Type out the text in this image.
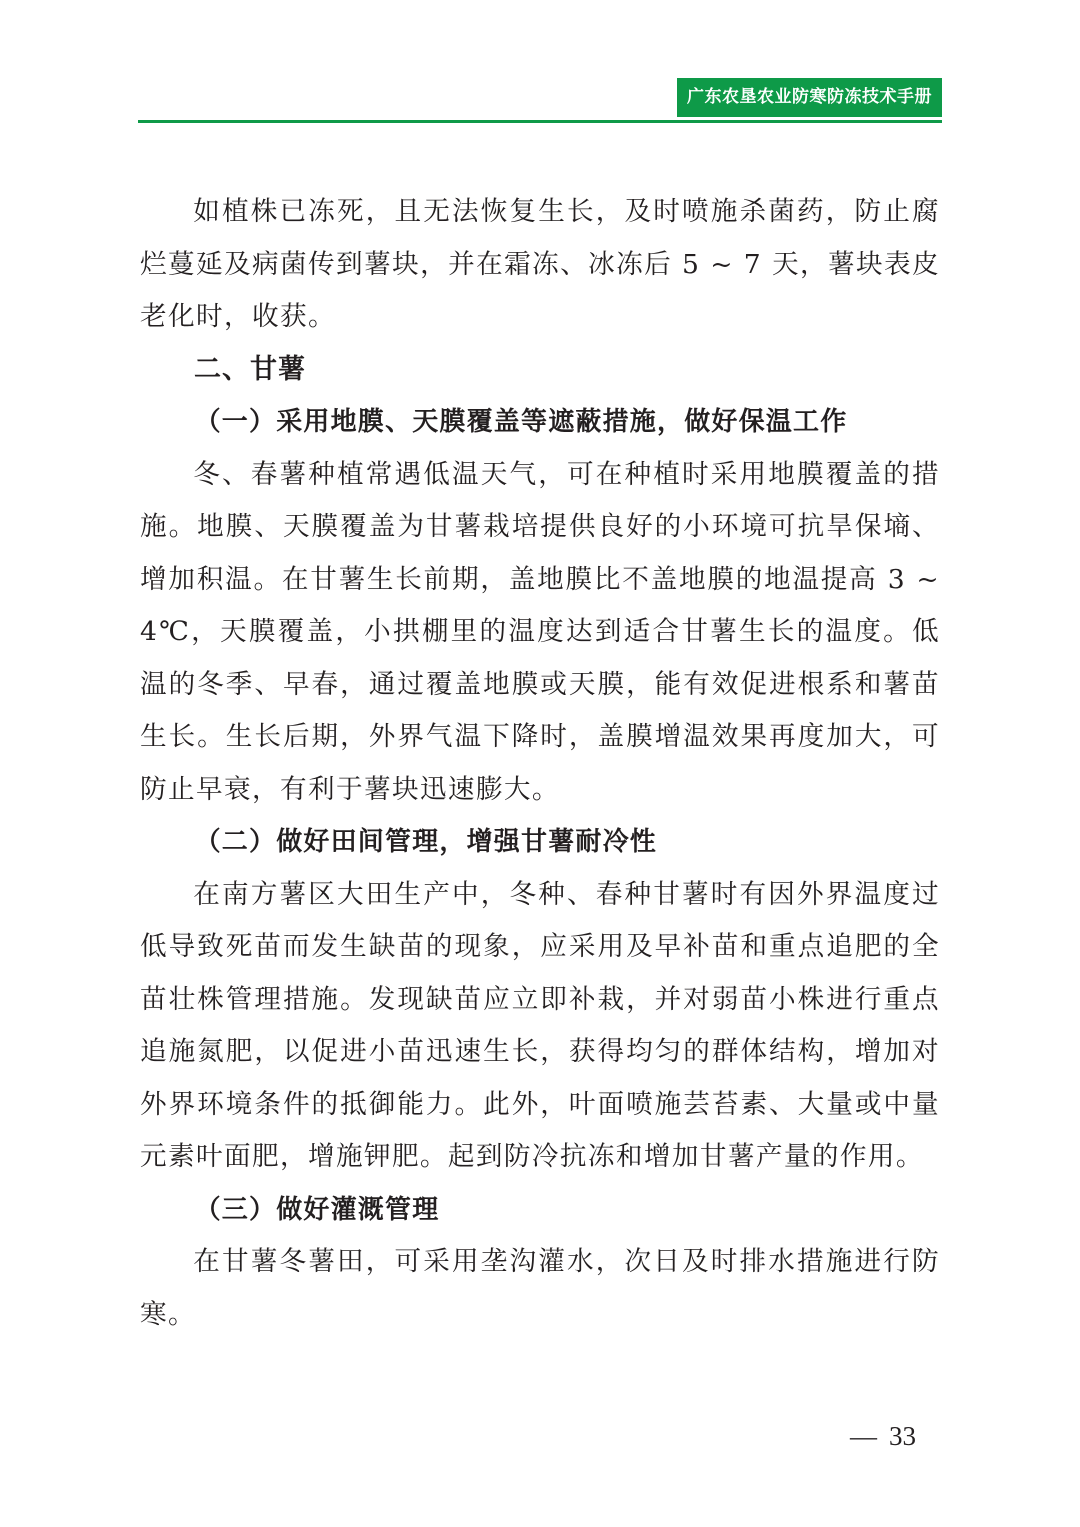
广东农垦农业防寒防冻技术手册

如植株已冻死，且无法恢复生长，及时喷施杀菌药，防止腐烂蔓延及病菌传到薯块，并在霜冻、冰冻后 5 ~ 7 天，薯块表皮老化时，收获。

二、甘薯
（一）采用地膜、天膜覆盖等遮蔽措施，做好保温工作

冬、春薯种植常遇低温天气，可在种植时采用地膜覆盖的措施。地膜、天膜覆盖为甘薯栽培提供良好的小环境可抗旱保墒、增加积温。在甘薯生长前期，盖地膜比不盖地膜的地温提高 3 ~ 4℃，天膜覆盖，小拱棚里的温度达到适合甘薯生长的温度。低温的冬季、早春，通过覆盖地膜或天膜，能有效促进根系和薯苗生长。生长后期，外界气温下降时，盖膜增温效果再度加大，可防止早衰，有利于薯块迅速膨大。

（二）做好田间管理，增强甘薯耐冷性

在南方薯区大田生产中，冬种、春种甘薯时有因外界温度过低导致死苗而发生缺苗的现象，应采用及早补苗和重点追肥的全苗壮株管理措施。发现缺苗应立即补栽，并对弱苗小株进行重点追施氮肥，以促进小苗迅速生长，获得均匀的群体结构，增加对外界环境条件的抵御能力。此外，叶面喷施芸苔素、大量或中量元素叶面肥，增施钾肥。起到防冷抗冻和增加甘薯产量的作用。

（三）做好灌溉管理

在甘薯冬薯田，可采用垄沟灌水，次日及时排水措施进行防寒。

— 33
